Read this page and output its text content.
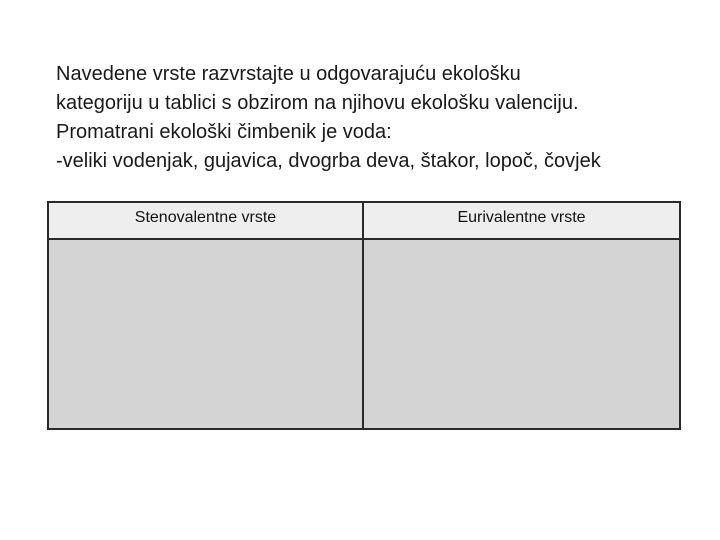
Navedene vrste razvrstajte u odgovarajuću ekološku
kategoriju u tablici s obzirom na njihovu ekološku valenciju.
Promatrani ekološki čimbenik je voda:
-veliki vodenjak, gujavica, dvogrba deva, štakor, lopoč, čovjek
Stenovalentne vrste	Eurivalentne vrste
